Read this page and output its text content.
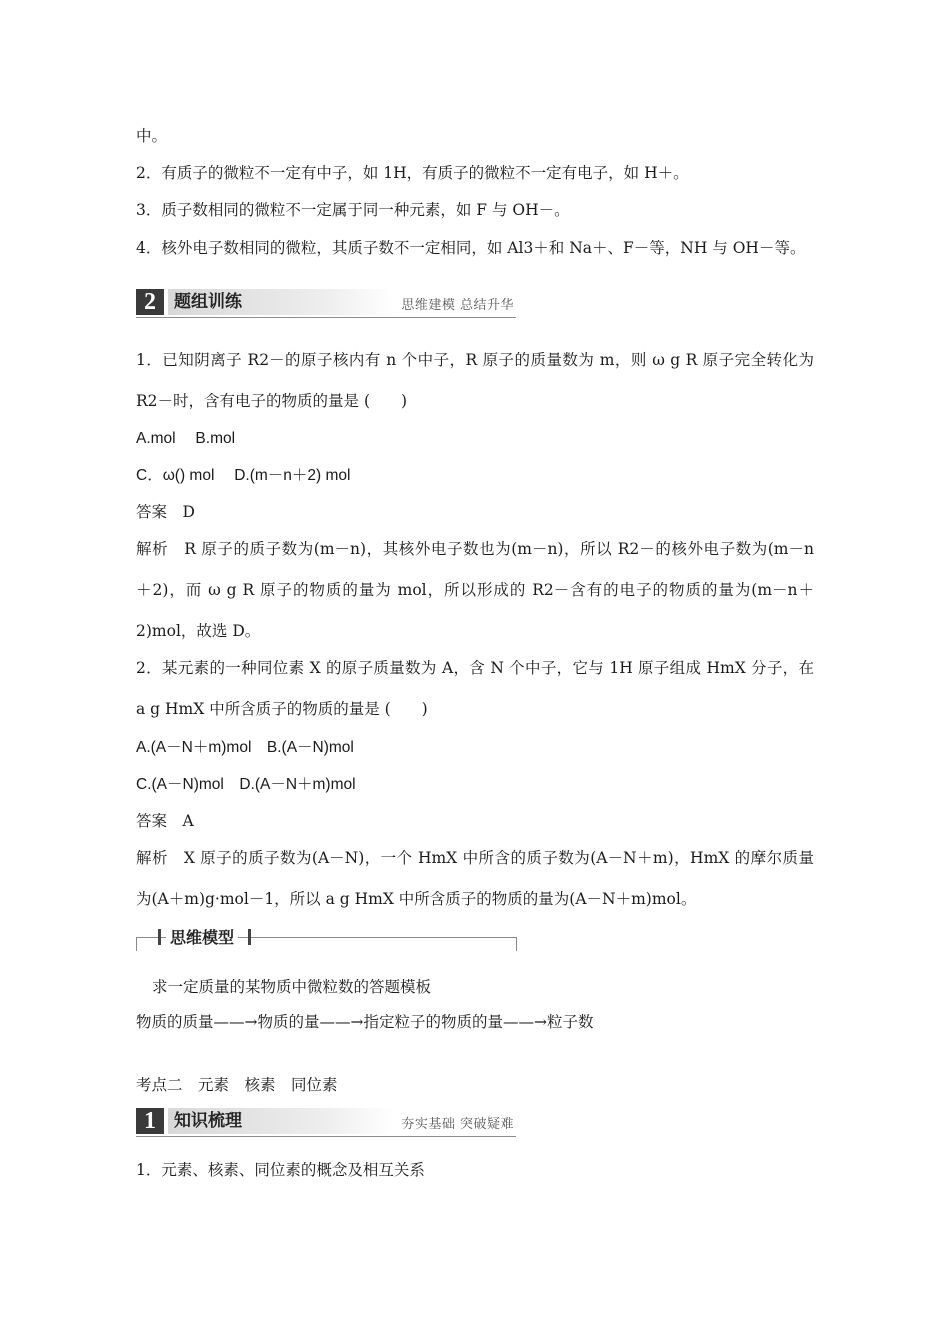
中。
2．有质子的微粒不一定有中子，如 1H，有质子的微粒不一定有电子，如 H＋。
3．质子数相同的微粒不一定属于同一种元素，如 F 与 OH－。
4．核外电子数相同的微粒，其质子数不一定相同，如 Al3＋和 Na＋、F－等，NH 与 OH－等。
2	题组训练	思维建模 总结升华
1．已知阴离子 R2－的原子核内有 n 个中子，R 原子的质量数为 m，则 ω g R 原子完全转化为
R2－时，含有电子的物质的量是 (　　)
A.mol　 B.mol
C．ω() mol　 D.(m－n＋2) mol
答案　D
解析　R 原子的质子数为(m－n)，其核外电子数也为(m－n)，所以 R2－的核外电子数为(m－n
＋2)，而 ω g R 原子的物质的量为 mol，所以形成的 R2－含有的电子的物质的量为(m－n＋
2)mol，故选 D。
2．某元素的一种同位素 X 的原子质量数为 A，含 N 个中子，它与 1H 原子组成 HmX 分子，在
a g HmX 中所含质子的物质的量是 (　　)
A.(A－N＋m)mol　B.(A－N)mol
C.(A－N)mol　D.(A－N＋m)mol
答案　A
解析　X 原子的质子数为(A－N)，一个 HmX 中所含的质子数为(A－N＋m)，HmX 的摩尔质量
为(A＋m)g·mol－1，所以 a g HmX 中所含质子的物质的量为(A－N＋m)mol。
思维模型
求一定质量的某物质中微粒数的答题模板
物质的质量——→物质的量——→指定粒子的物质的量——→粒子数
考点二　元素　核素　同位素
1	知识梳理	夯实基础 突破疑难
1．元素、核素、同位素的概念及相互关系
